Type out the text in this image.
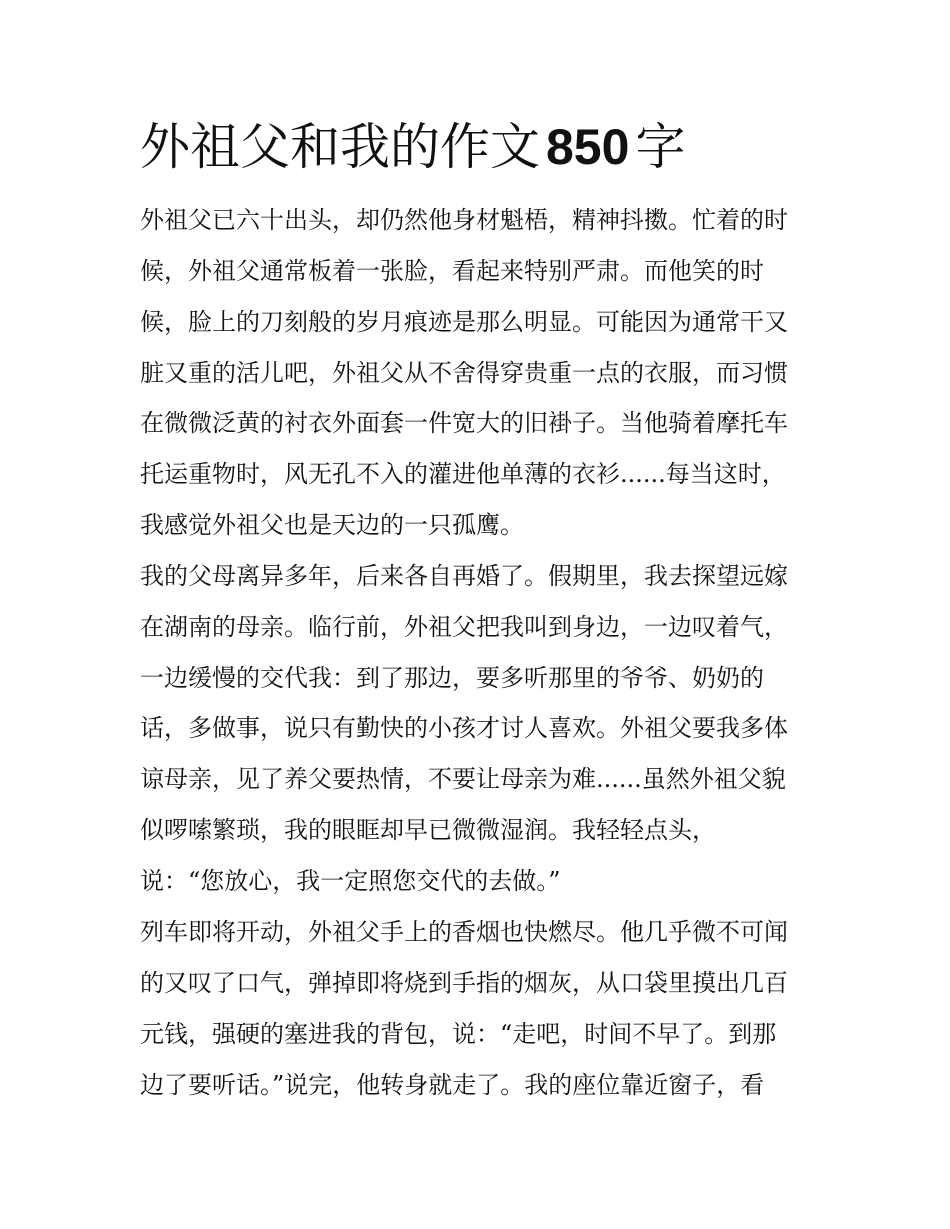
外祖父和我的作文 850 字
外祖父已六十出头，却仍然他身材魁梧，精神抖擞。忙着的时
候，外祖父通常板着一张脸，看起来特别严肃。而他笑的时
候，脸上的刀刻般的岁月痕迹是那么明显。可能因为通常干又
脏又重的活儿吧，外祖父从不舍得穿贵重一点的衣服，而习惯
在微微泛黄的衬衣外面套一件宽大的旧褂子。当他骑着摩托车
托运重物时，风无孔不入的灌进他单薄的衣衫......每当这时，
我感觉外祖父也是天边的一只孤鹰。
我的父母离异多年，后来各自再婚了。假期里，我去探望远嫁
在湖南的母亲。临行前，外祖父把我叫到身边，一边叹着气，
一边缓慢的交代我：到了那边，要多听那里的爷爷、奶奶的
话，多做事，说只有勤快的小孩才讨人喜欢。外祖父要我多体
谅母亲，见了养父要热情，不要让母亲为难......虽然外祖父貌
似啰嗦繁琐，我的眼眶却早已微微湿润。我轻轻点头，
说：“您放心，我一定照您交代的去做。”
列车即将开动，外祖父手上的香烟也快燃尽。他几乎微不可闻
的又叹了口气，弹掉即将烧到手指的烟灰，从口袋里摸出几百
元钱，强硬的塞进我的背包，说：“走吧，时间不早了。到那
边了要听话。”说完，他转身就走了。我的座位靠近窗子，看
